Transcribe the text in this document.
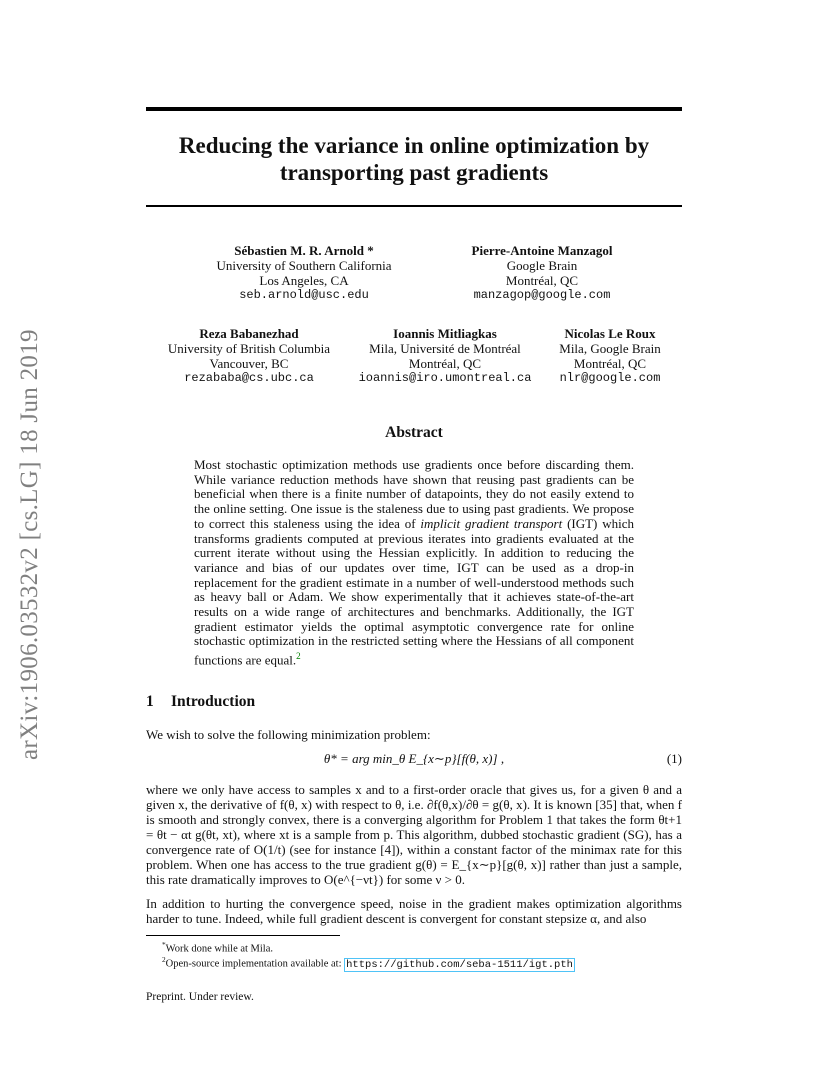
arXiv:1906.03532v2 [cs.LG] 18 Jun 2019
Reducing the variance in online optimization by
transporting past gradients
Sébastien M. R. Arnold *
University of Southern California
Los Angeles, CA
seb.arnold@usc.edu
Pierre-Antoine Manzagol
Google Brain
Montréal, QC
manzagop@google.com
Reza Babanezhad
University of British Columbia
Vancouver, BC
rezababa@cs.ubc.ca
Ioannis Mitliagkas
Mila, Université de Montréal
Montréal, QC
ioannis@iro.umontreal.ca
Nicolas Le Roux
Mila, Google Brain
Montréal, QC
nlr@google.com
Abstract
Most stochastic optimization methods use gradients once before discarding them. While variance reduction methods have shown that reusing past gradients can be beneficial when there is a finite number of datapoints, they do not easily extend to the online setting. One issue is the staleness due to using past gradients. We propose to correct this staleness using the idea of implicit gradient transport (IGT) which transforms gradients computed at previous iterates into gradients evaluated at the current iterate without using the Hessian explicitly. In addition to reducing the variance and bias of our updates over time, IGT can be used as a drop-in replacement for the gradient estimate in a number of well-understood methods such as heavy ball or Adam. We show experimentally that it achieves state-of-the-art results on a wide range of architectures and benchmarks. Additionally, the IGT gradient estimator yields the optimal asymptotic convergence rate for online stochastic optimization in the restricted setting where the Hessians of all component functions are equal.$^2$
1 Introduction
We wish to solve the following minimization problem:
θ* = arg min_θ E_{x∼p}[f(θ, x)] ,	(1)
where we only have access to samples x and to a first-order oracle that gives us, for a given θ and a given x, the derivative of f(θ, x) with respect to θ, i.e. ∂f(θ,x)/∂θ = g(θ, x). It is known [35] that, when f is smooth and strongly convex, there is a converging algorithm for Problem 1 that takes the form θt+1 = θt − αt g(θt, xt), where xt is a sample from p. This algorithm, dubbed stochastic gradient (SG), has a convergence rate of O(1/t) (see for instance [4]), within a constant factor of the minimax rate for this problem. When one has access to the true gradient g(θ) = E_{x∼p}[g(θ, x)] rather than just a sample, this rate dramatically improves to O(e^{−νt}) for some ν > 0.
In addition to hurting the convergence speed, noise in the gradient makes optimization algorithms harder to tune. Indeed, while full gradient descent is convergent for constant stepsize α, and also
*Work done while at Mila.
$^2$Open-source implementation available at: https://github.com/seba-1511/igt.pth
Preprint. Under review.
